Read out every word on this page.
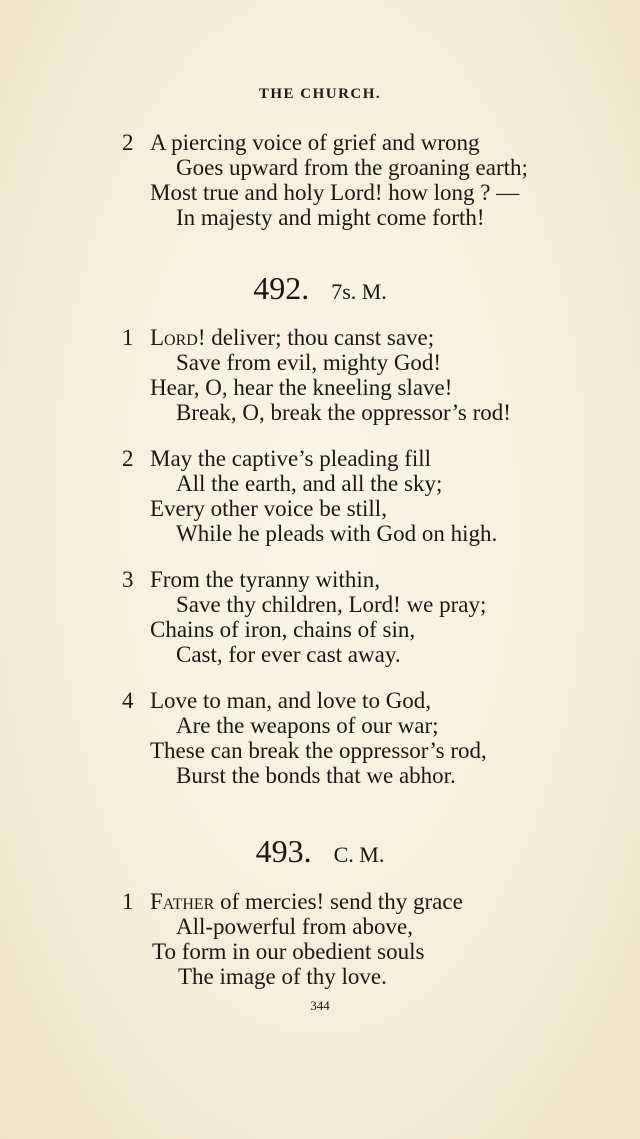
THE CHURCH.
2 A piercing voice of grief and wrong
Goes upward from the groaning earth;
Most true and holy Lord! how long ? —
In majesty and might come forth!
492. 7s. M.
1 Lord! deliver; thou canst save;
Save from evil, mighty God!
Hear, O, hear the kneeling slave!
Break, O, break the oppressor’s rod!
2 May the captive’s pleading fill
All the earth, and all the sky;
Every other voice be still,
While he pleads with God on high.
3 From the tyranny within,
Save thy children, Lord! we pray;
Chains of iron, chains of sin,
Cast, for ever cast away.
4 Love to man, and love to God,
Are the weapons of our war;
These can break the oppressor’s rod,
Burst the bonds that we abhor.
493. C. M.
1 Father of mercies! send thy grace
All-powerful from above,
To form in our obedient souls
The image of thy love.
344
